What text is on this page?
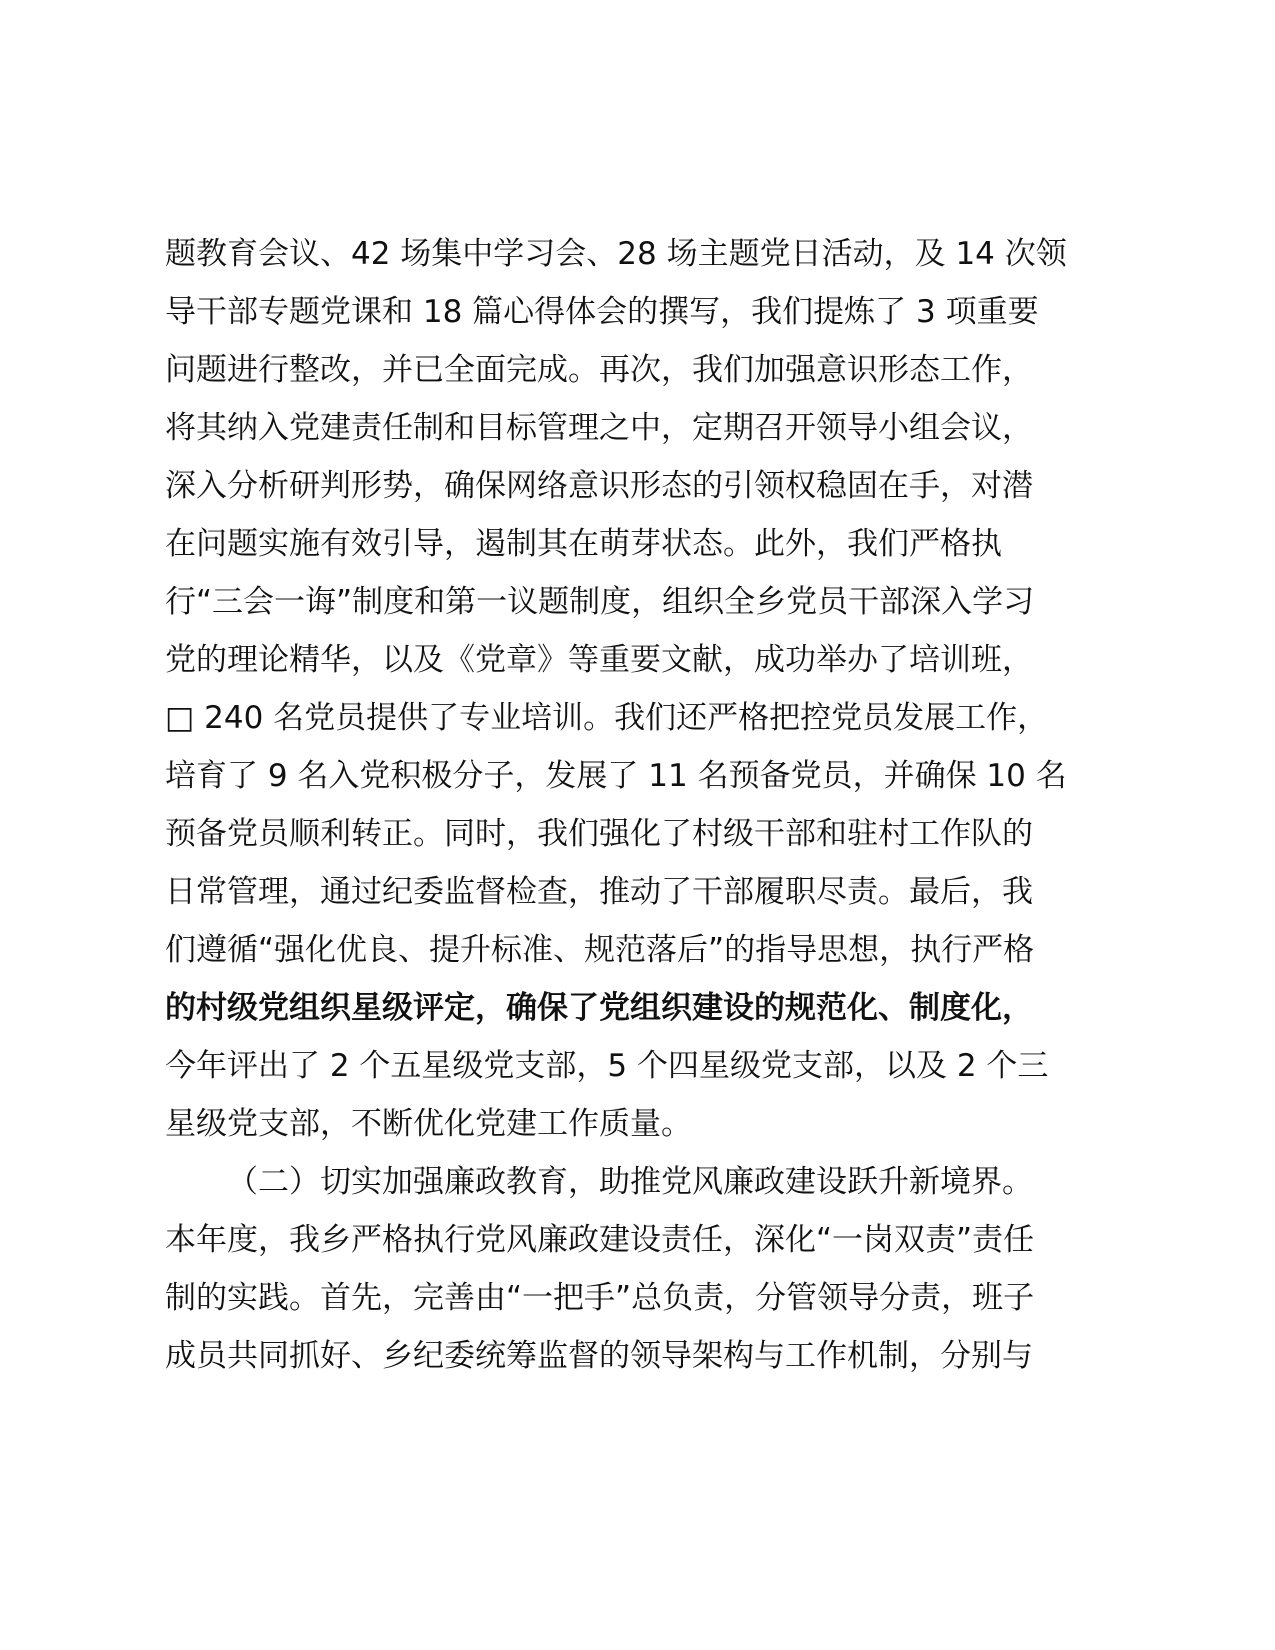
题教育会议、42 场集中学习会、28 场主题党日活动，及 14 次领
导干部专题党课和 18 篇心得体会的撰写，我们提炼了 3 项重要
问题进行整改，并已全面完成。再次，我们加强意识形态工作，
将其纳入党建责任制和目标管理之中，定期召开领导小组会议，
深入分析研判形势，确保网络意识形态的引领权稳固在手，对潜
在问题实施有效引导，遏制其在萌芽状态。此外，我们严格执
行“三会一诲”制度和第一议题制度，组织全乡党员干部深入学习
党的理论精华，以及《党章》等重要文献，成功举办了培训班，
□ 240 名党员提供了专业培训。我们还严格把控党员发展工作，
培育了 9 名入党积极分子，发展了 11 名预备党员，并确保 10 名
预备党员顺利转正。同时，我们强化了村级干部和驻村工作队的
日常管理，通过纪委监督检查，推动了干部履职尽责。最后，我
们遵循“强化优良、提升标准、规范落后”的指导思想，执行严格
的村级党组织星级评定，确保了党组织建设的规范化、制度化，
今年评出了 2 个五星级党支部，5 个四星级党支部，以及 2 个三
星级党支部，不断优化党建工作质量。
（二）切实加强廉政教育，助推党风廉政建设跃升新境界。
本年度，我乡严格执行党风廉政建设责任，深化“一岗双责”责任
制的实践。首先，完善由“一把手”总负责，分管领导分责，班子
成员共同抓好、乡纪委统筹监督的领导架构与工作机制，分别与
